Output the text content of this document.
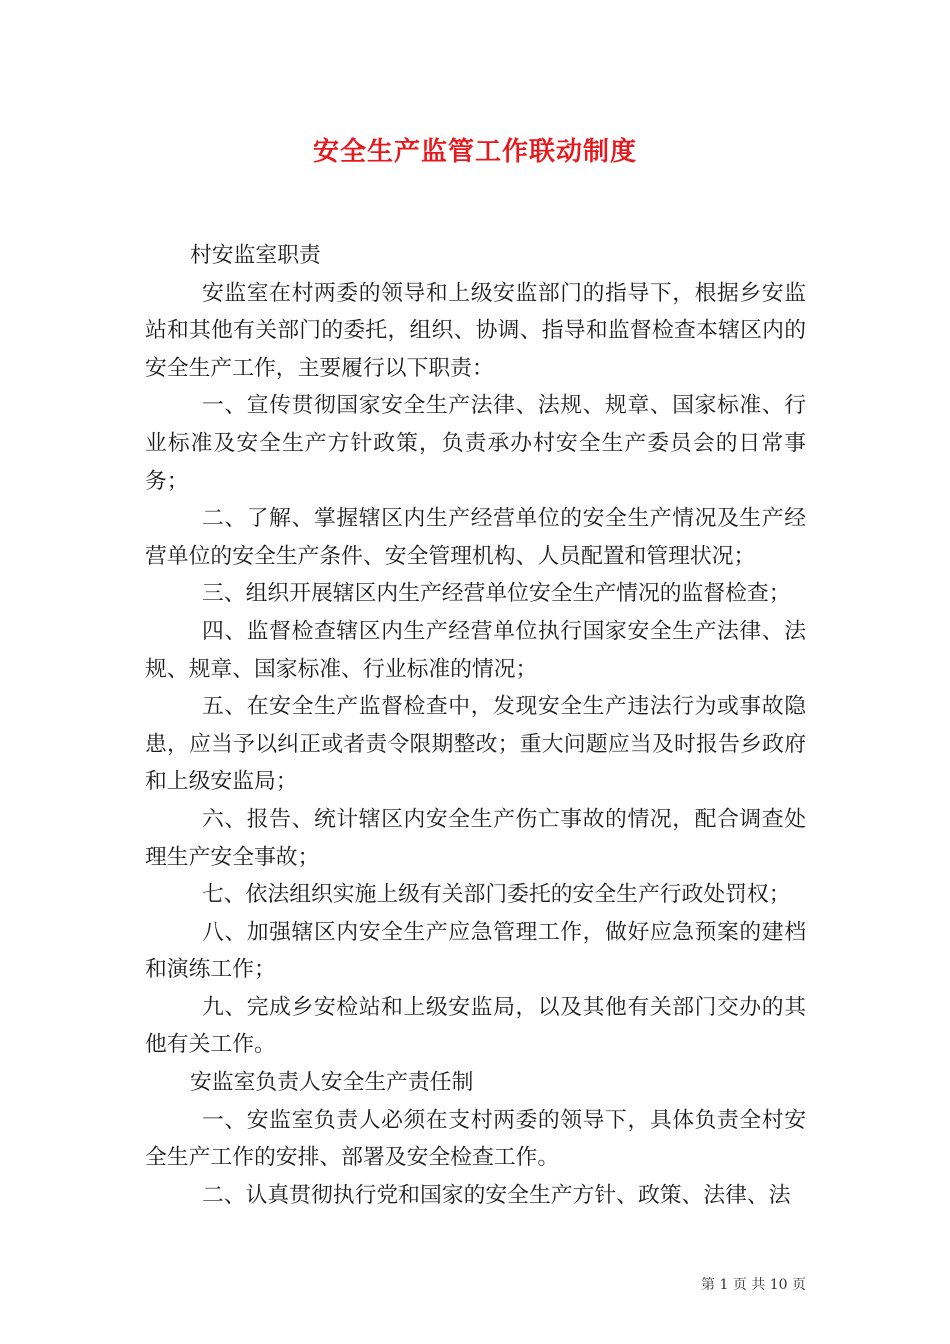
安全生产监管工作联动制度

村安监室职责

安监室在村两委的领导和上级安监部门的指导下，根据乡安监站和其他有关部门的委托，组织、协调、指导和监督检查本辖区内的安全生产工作，主要履行以下职责：

一、宣传贯彻国家安全生产法律、法规、规章、国家标准、行业标准及安全生产方针政策，负责承办村安全生产委员会的日常事务；

二、了解、掌握辖区内生产经营单位的安全生产情况及生产经营单位的安全生产条件、安全管理机构、人员配置和管理状况；

三、组织开展辖区内生产经营单位安全生产情况的监督检查；

四、监督检查辖区内生产经营单位执行国家安全生产法律、法规、规章、国家标准、行业标准的情况；

五、在安全生产监督检查中，发现安全生产违法行为或事故隐患，应当予以纠正或者责令限期整改；重大问题应当及时报告乡政府和上级安监局；

六、报告、统计辖区内安全生产伤亡事故的情况，配合调查处理生产安全事故；

七、依法组织实施上级有关部门委托的安全生产行政处罚权；

八、加强辖区内安全生产应急管理工作，做好应急预案的建档和演练工作；

九、完成乡安检站和上级安监局，以及其他有关部门交办的其他有关工作。

安监室负责人安全生产责任制

一、安监室负责人必须在支村两委的领导下，具体负责全村安全生产工作的安排、部署及安全检查工作。

二、认真贯彻执行党和国家的安全生产方针、政策、法律、法

第 1 页 共 10 页
